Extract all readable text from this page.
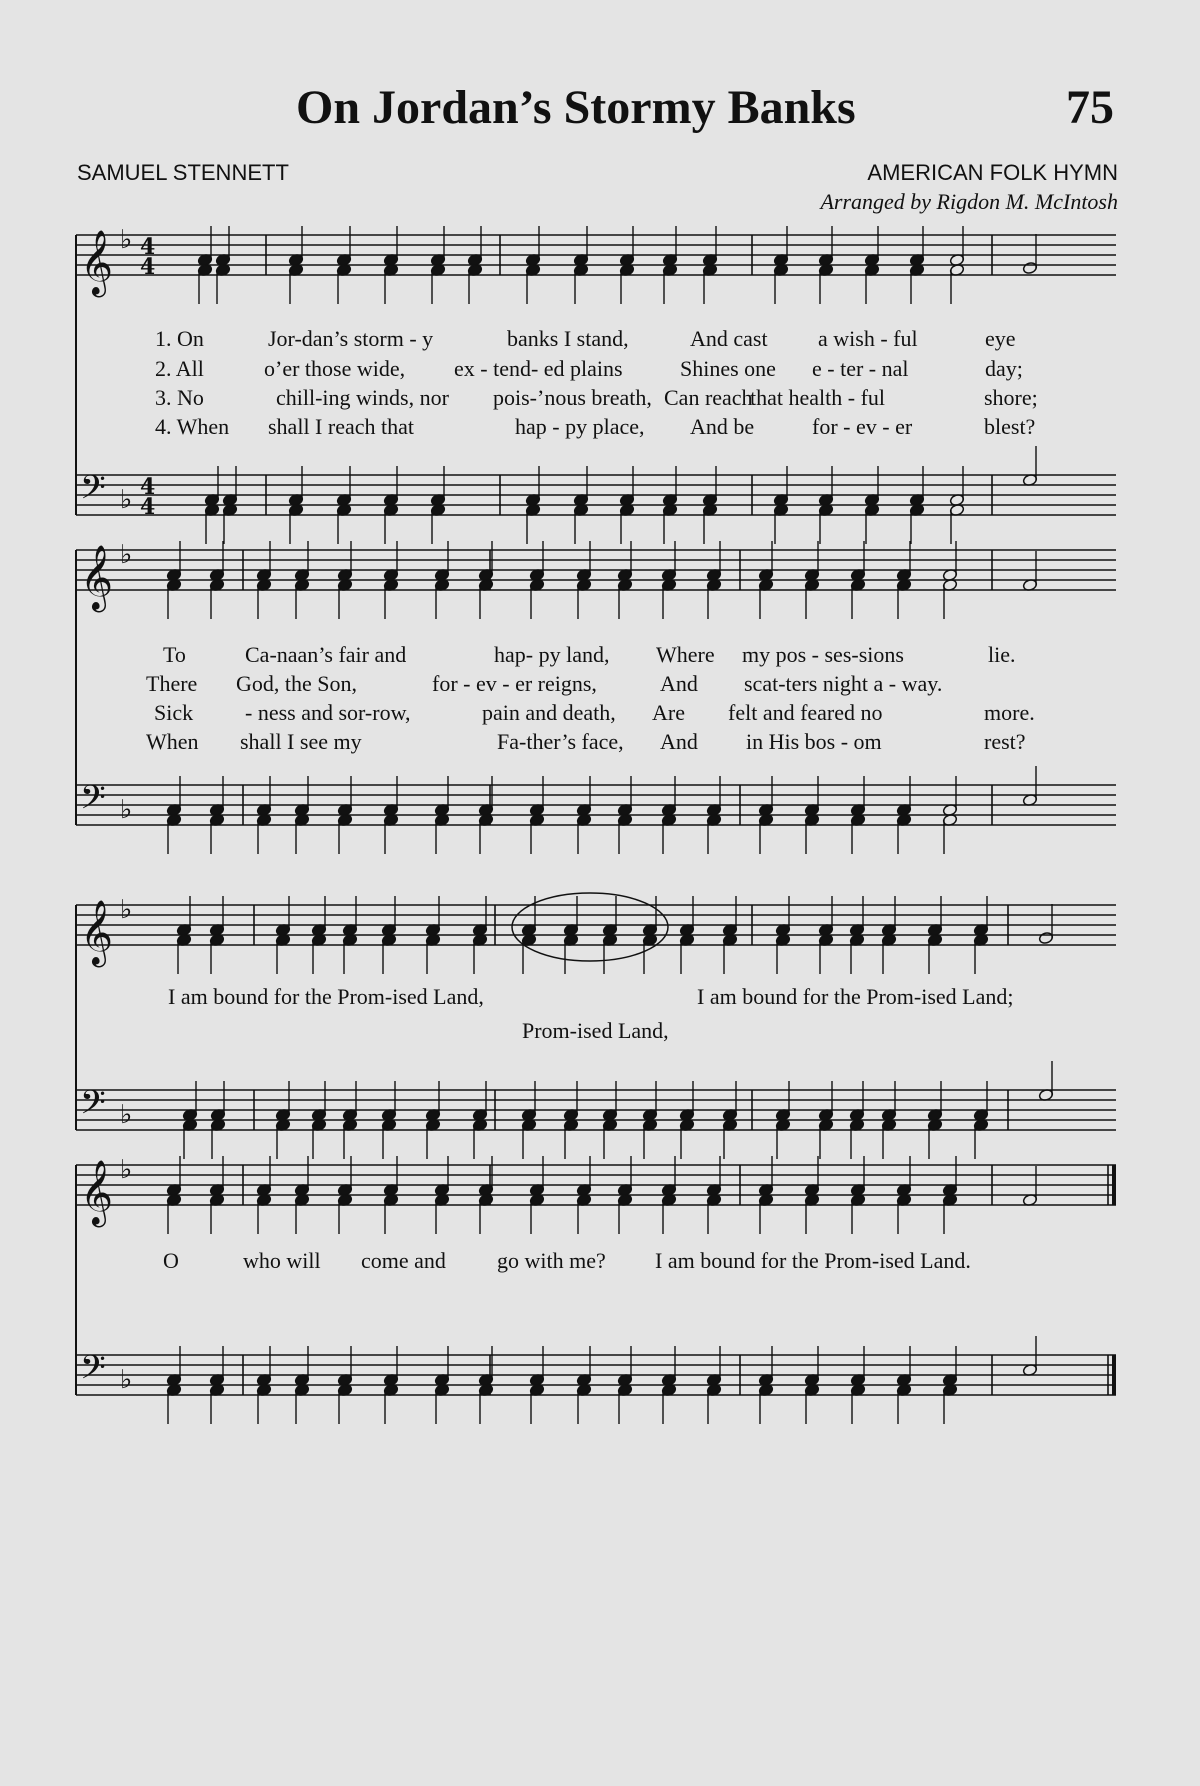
On Jordan’s Stormy Banks	75
SAMUEL STENNETT	AMERICAN FOLK HYMN
Arranged by Rigdon M. McIntosh
𝄞 ♭ 4
4
𝄢 ♭ 4
4
𝄞 ♭
𝄢 ♭
𝄞 ♭
𝄢 ♭
𝄞 ♭
𝄢 ♭
1. On	Jor-dan’s storm - y	banks I stand,	And cast a wish - ful	eye
2. All	o’er those wide, ex - tend- ed plains	Shines one e - ter - nal	day;
3. No	chill-ing winds, nor pois-’nous breath, Can reach
that health - ful	shore;
4. When shall I reach that	hap - py place, And be	for - ev - er	blest?
To	Ca-naan’s fair and	hap- py land, Where my pos - ses-sions	lie.
There God, the Son,	for - ev - er reigns,	And scat-ters night a - way.
Sick - ness and sor-row,	pain and death, Are felt and feared no	more.
When shall I see my	Fa-ther’s face, And in His bos - om	rest?
I am bound for the Prom-ised Land,	I am bound for the Prom-ised Land;
Prom-ised Land,
O	who will come and go with me? I am bound for the Prom-ised Land.
